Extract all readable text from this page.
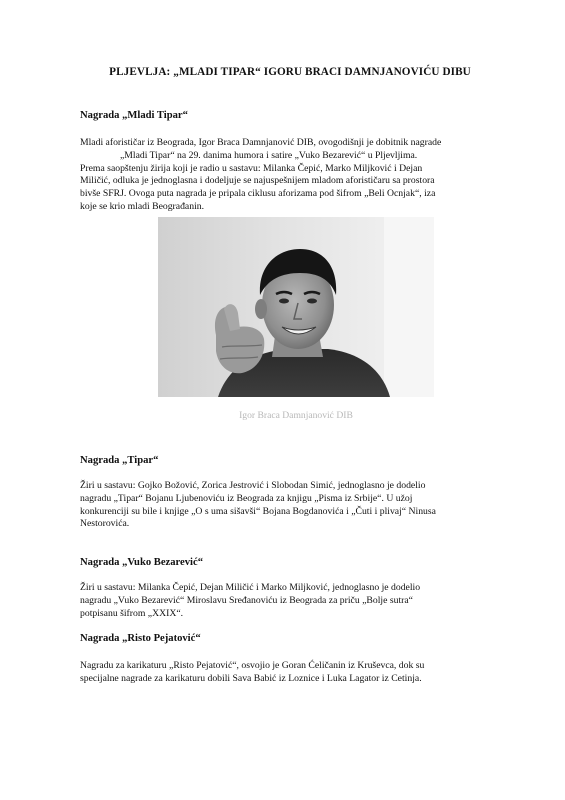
PLJEVLJA: „MLADI TIPAR“ IGORU BRACI DAMNJANOVIĆU DIBU
Nagrada „Mladi Tipar“

Mladi aforističar iz Beograda, Igor Braca Damnjanović DIB, ovogodišnji je dobitnik nagrade

„Mladi Tipar“ na 29. danima humora i satire „Vuko Bezarević“ u Pljevljima.

Prema saopštenju žirija koji je radio u sastavu: Milanka Čepić, Marko Miljković i Dejan

Miličić, odluka je jednoglasna i dodeljuje se najuspešnijem mladom aforističaru sa prostora

bivše SFRJ. Ovoga puta nagrada je pripala ciklusu aforizama pod šifrom „Beli Ocnjak“, iza

koje se krio mladi Beograđanin.

Igor Braca Damnjanović DIB
Nagrada „Tipar“

Žiri u sastavu: Gojko Božović, Zorica Jestrović i Slobodan Simić, jednoglasno je dodelio

nagradu „Tipar“ Bojanu Ljubenoviću iz Beograda za knjigu „Pisma iz Srbije“. U užoj

konkurenciji su bile i knjige „O s uma sišavši“ Bojana Bogdanovića i „Čuti i plivaj“ Ninusa

Nestorovića.

Nagrada „Vuko Bezarević“

Žiri u sastavu: Milanka Čepić, Dejan Miličić i Marko Miljković, jednoglasno je dodelio

nagradu „Vuko Bezarević“ Miroslavu Sređanoviću iz Beograda za priču „Bolje sutra“

potpisanu šifrom „XXIX“.

Nagrada „Risto Pejatović“

Nagradu za karikaturu „Risto Pejatović“, osvojio je Goran Ćeličanin iz Kruševca, dok su

specijalne nagrade za karikaturu dobili Sava Babić iz Loznice i Luka Lagator iz Cetinja.
